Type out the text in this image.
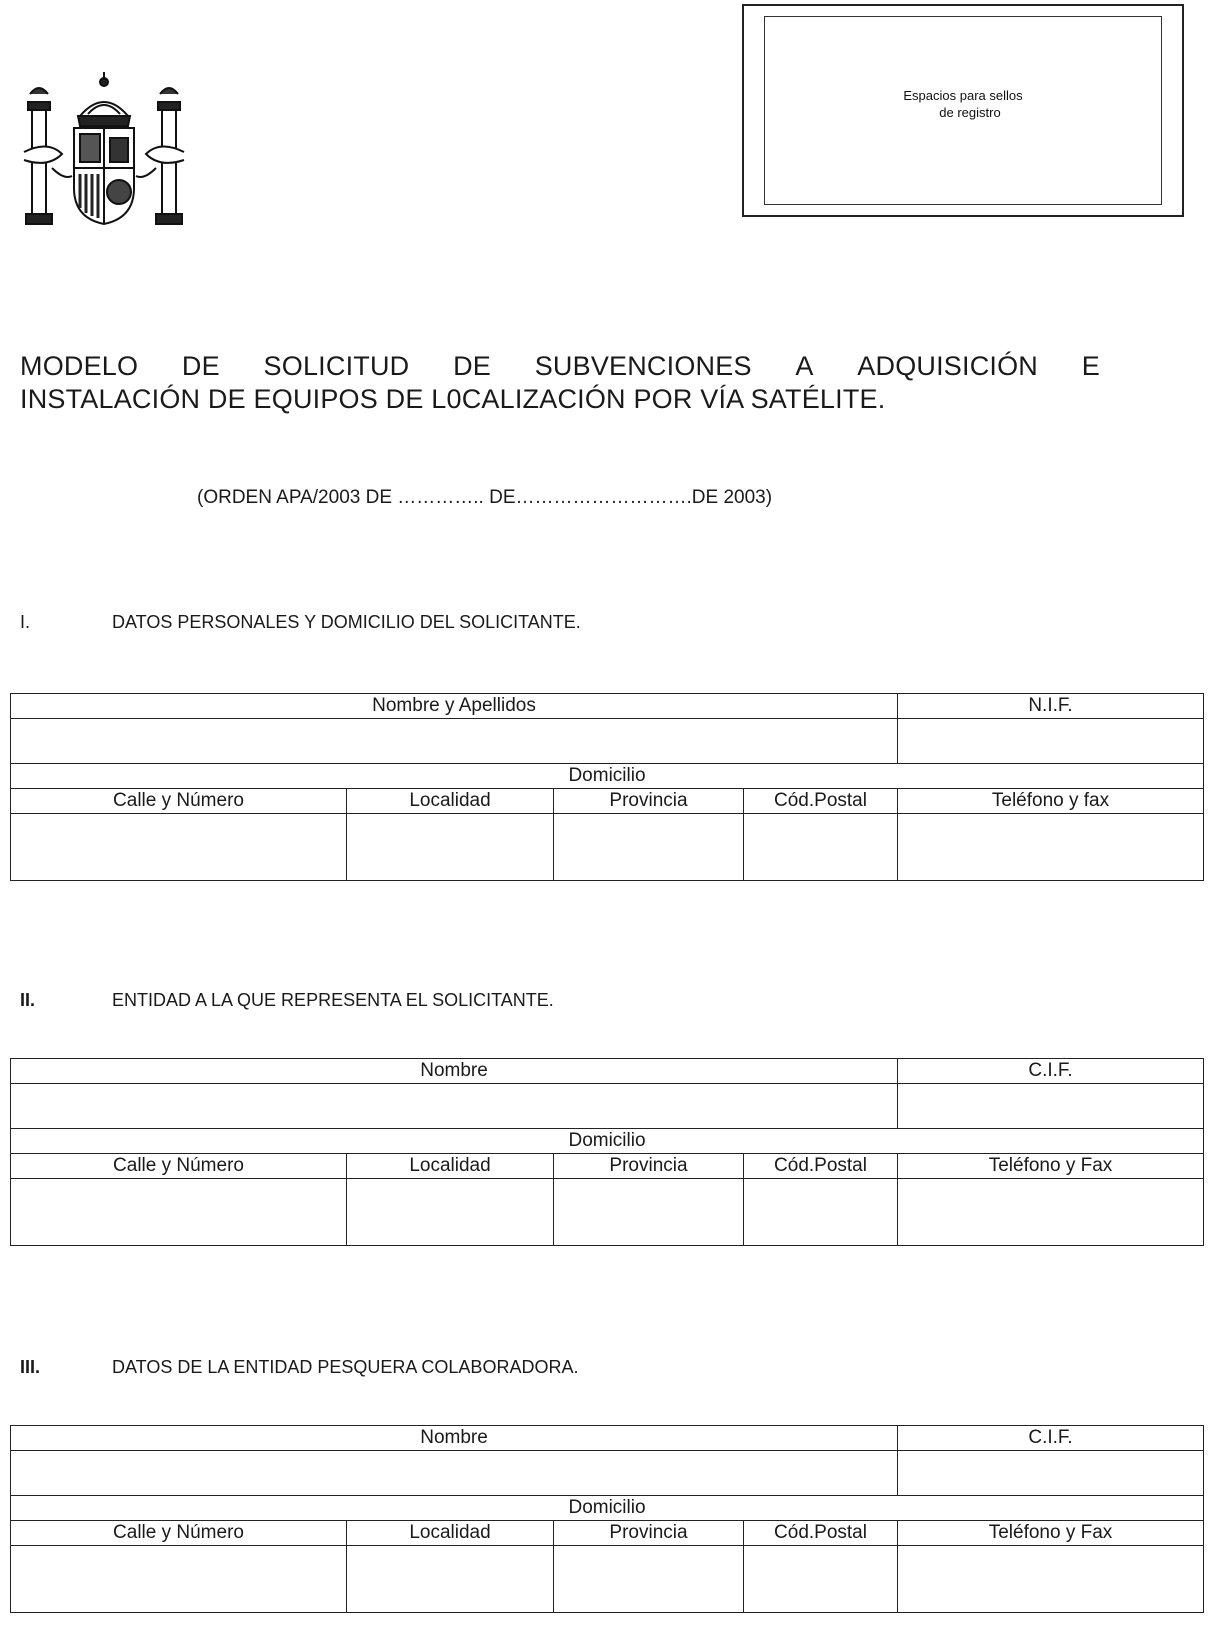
Espacios para sellos
de registro
MODELO DE SOLICITUD DE SUBVENCIONES A ADQUISICIÓN E
INSTALACIÓN DE EQUIPOS DE L0CALIZACIÓN POR VÍA SATÉLITE.
(ORDEN APA/2003 DE ………….. DE……………………….DE 2003)
I.	DATOS PERSONALES Y DOMICILIO DEL SOLICITANTE.
Nombre y Apellidos				N.I.F.

Domicilio				
Calle y Número	Localidad	Provincia	Cód.Postal	Teléfono y fax

II.	ENTIDAD A LA QUE REPRESENTA EL SOLICITANTE.
Nombre				C.I.F.

Domicilio				
Calle y Número	Localidad	Provincia	Cód.Postal	Teléfono y Fax

III.	DATOS DE LA ENTIDAD PESQUERA COLABORADORA.
Nombre				C.I.F.

Domicilio				
Calle y Número	Localidad	Provincia	Cód.Postal	Teléfono y Fax
